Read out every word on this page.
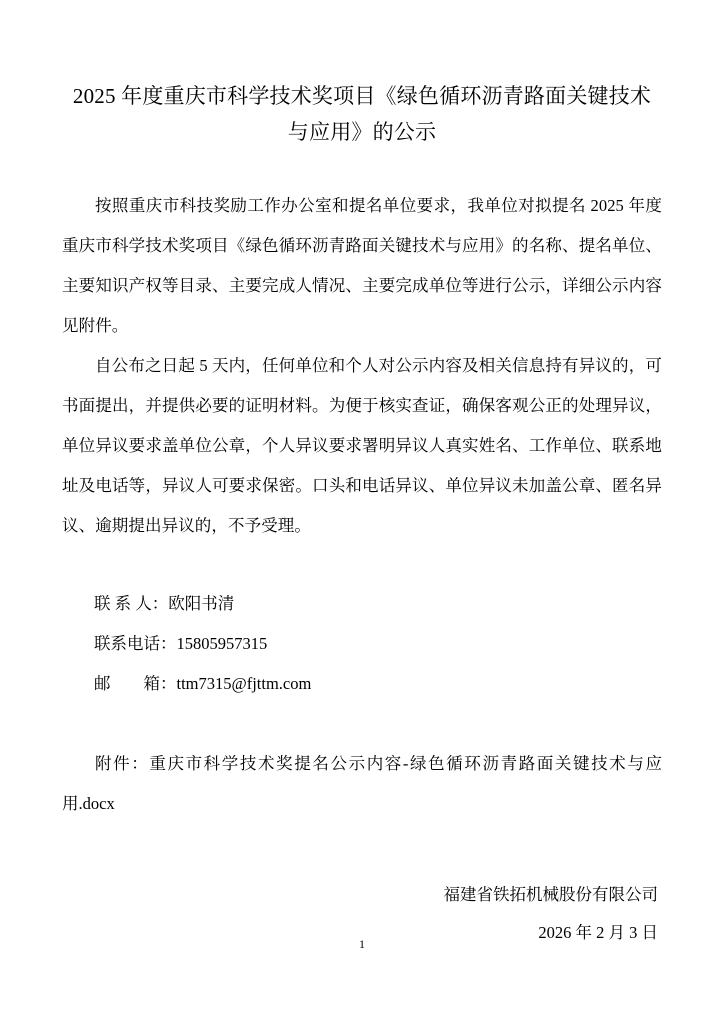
2025 年度重庆市科学技术奖项目《绿色循环沥青路面关键技术
与应用》的公示

按照重庆市科技奖励工作办公室和提名单位要求，我单位对拟提名 2025 年度重庆市科学技术奖项目《绿色循环沥青路面关键技术与应用》的名称、提名单位、主要知识产权等目录、主要完成人情况、主要完成单位等进行公示，详细公示内容见附件。

自公布之日起 5 天内，任何单位和个人对公示内容及相关信息持有异议的，可书面提出，并提供必要的证明材料。为便于核实查证，确保客观公正的处理异议，单位异议要求盖单位公章，个人异议要求署明异议人真实姓名、工作单位、联系地址及电话等，异议人可要求保密。口头和电话异议、单位异议未加盖公章、匿名异议、逾期提出异议的，不予受理。

联 系 人：欧阳书清

联系电话：15805957315

邮　　箱：ttm7315@fjttm.com

附件：重庆市科学技术奖提名公示内容-绿色循环沥青路面关键技术与应用.docx

福建省铁拓机械股份有限公司

2026 年 2 月 3 日

1
